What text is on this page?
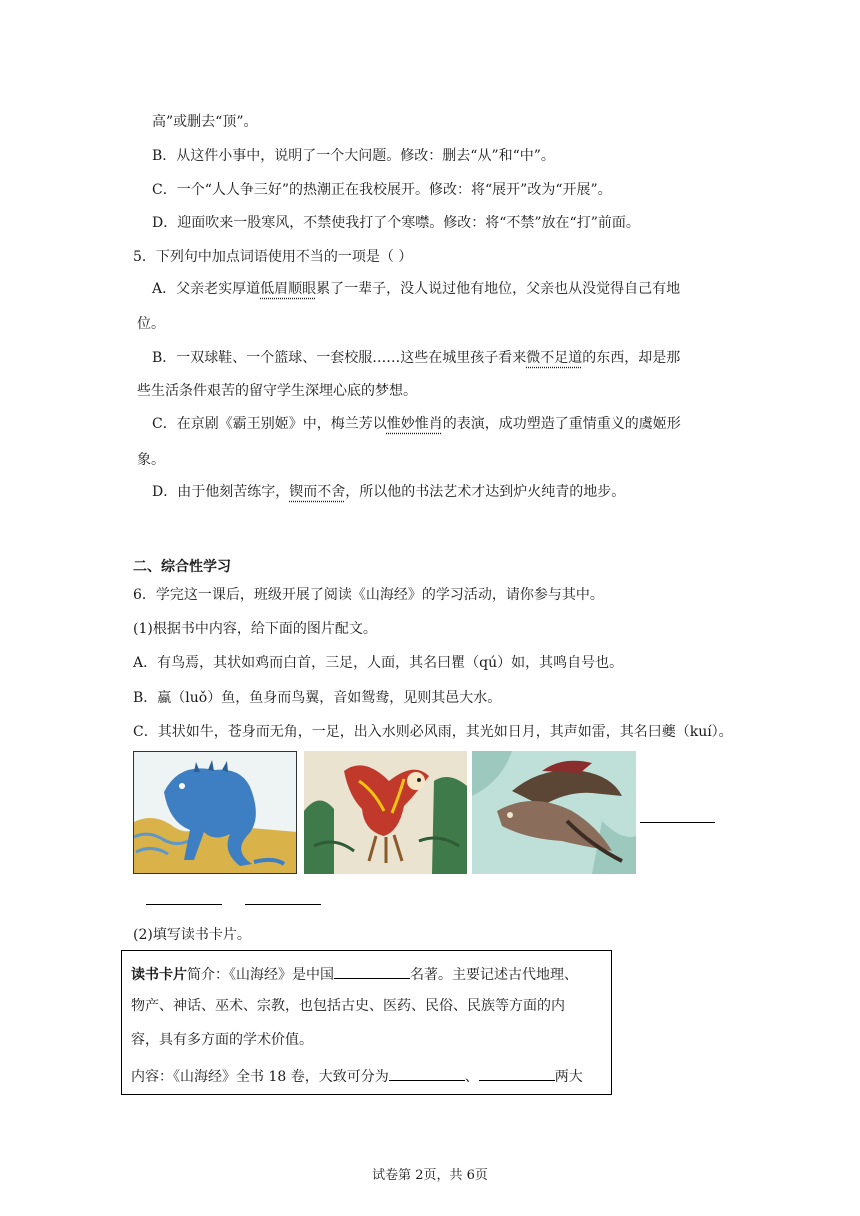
高”或删去“顶”。
B．从这件小事中，说明了一个大问题。修改：删去“从”和“中”。
C．一个“人人争三好”的热潮正在我校展开。修改：将“展开”改为“开展”。
D．迎面吹来一股寒风，不禁使我打了个寒噤。修改：将“不禁”放在“打”前面。
5．下列句中加点词语使用不当的一项是（ ）
A．父亲老实厚道低眉顺眼累了一辈子，没人说过他有地位，父亲也从没觉得自己有地
位。
B．一双球鞋、一个篮球、一套校服……这些在城里孩子看来微不足道的东西，却是那
些生活条件艰苦的留守学生深埋心底的梦想。
C．在京剧《霸王别姬》中，梅兰芳以惟妙惟肖的表演，成功塑造了重情重义的虞姬形
象。
D．由于他刻苦练字，锲而不舍，所以他的书法艺术才达到炉火纯青的地步。
二、综合性学习
6．学完这一课后，班级开展了阅读《山海经》的学习活动，请你参与其中。
(1)根据书中内容，给下面的图片配文。
A．有鸟焉，其状如鸡而白首，三足，人面，其名曰瞿（qú）如，其鸣自号也。
B．蠃（luǒ）鱼，鱼身而鸟翼，音如鸳鸯，见则其邑大水。
C．其状如牛，苍身而无角，一足，出入水则必风雨，其光如日月，其声如雷，其名曰夔（kuí）。
(2)填写读书卡片。
读书卡片简介：《山海经》是中国	名著。主要记述古代地理、
物产、神话、巫术、宗教，也包括古史、医药、民俗、民族等方面的内
容，具有多方面的学术价值。
内容：《山海经》全书 18 卷，大致可分为	、	两大
试卷第 2页，共 6页
